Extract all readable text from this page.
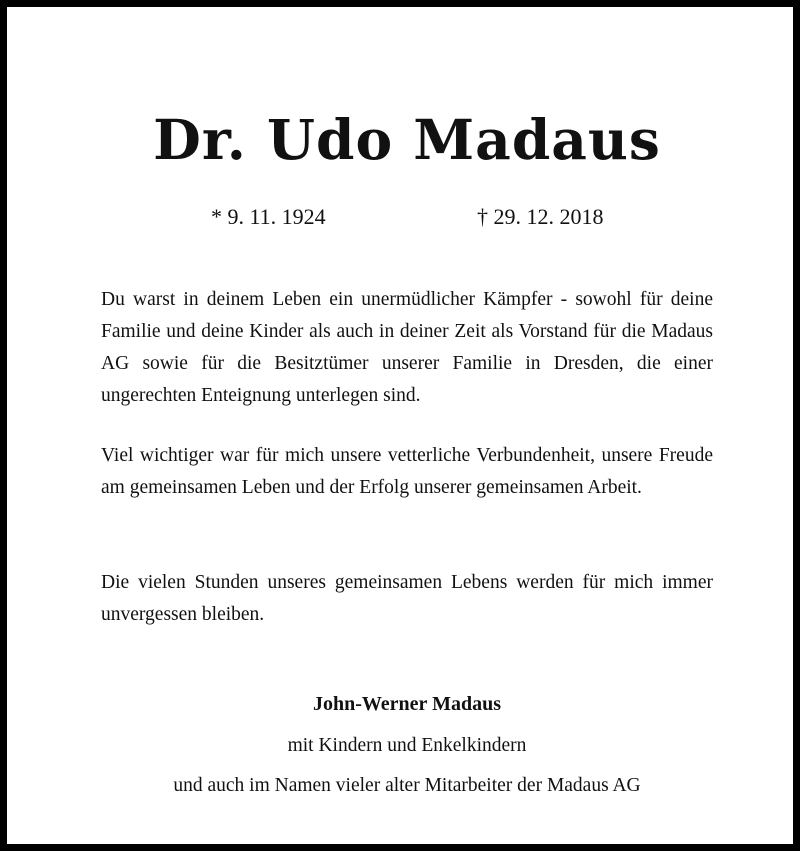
Dr. Udo Madaus
* 9. 11. 1924	† 29. 12. 2018
Du warst in deinem Leben ein unermüdlicher Kämpfer - sowohl für deine Familie und deine Kinder als auch in deiner Zeit als Vorstand für die Madaus AG sowie für die Besitztümer unserer Familie in Dresden, die einer ungerechten Enteignung unterlegen sind.
Viel wichtiger war für mich unsere vetterliche Verbundenheit, unsere Freude am gemeinsamen Leben und der Erfolg unserer gemeinsamen Arbeit.
Die vielen Stunden unseres gemeinsamen Lebens werden für mich immer unvergessen bleiben.
John-Werner Madaus
mit Kindern und Enkelkindern
und auch im Namen vieler alter Mitarbeiter der Madaus AG
